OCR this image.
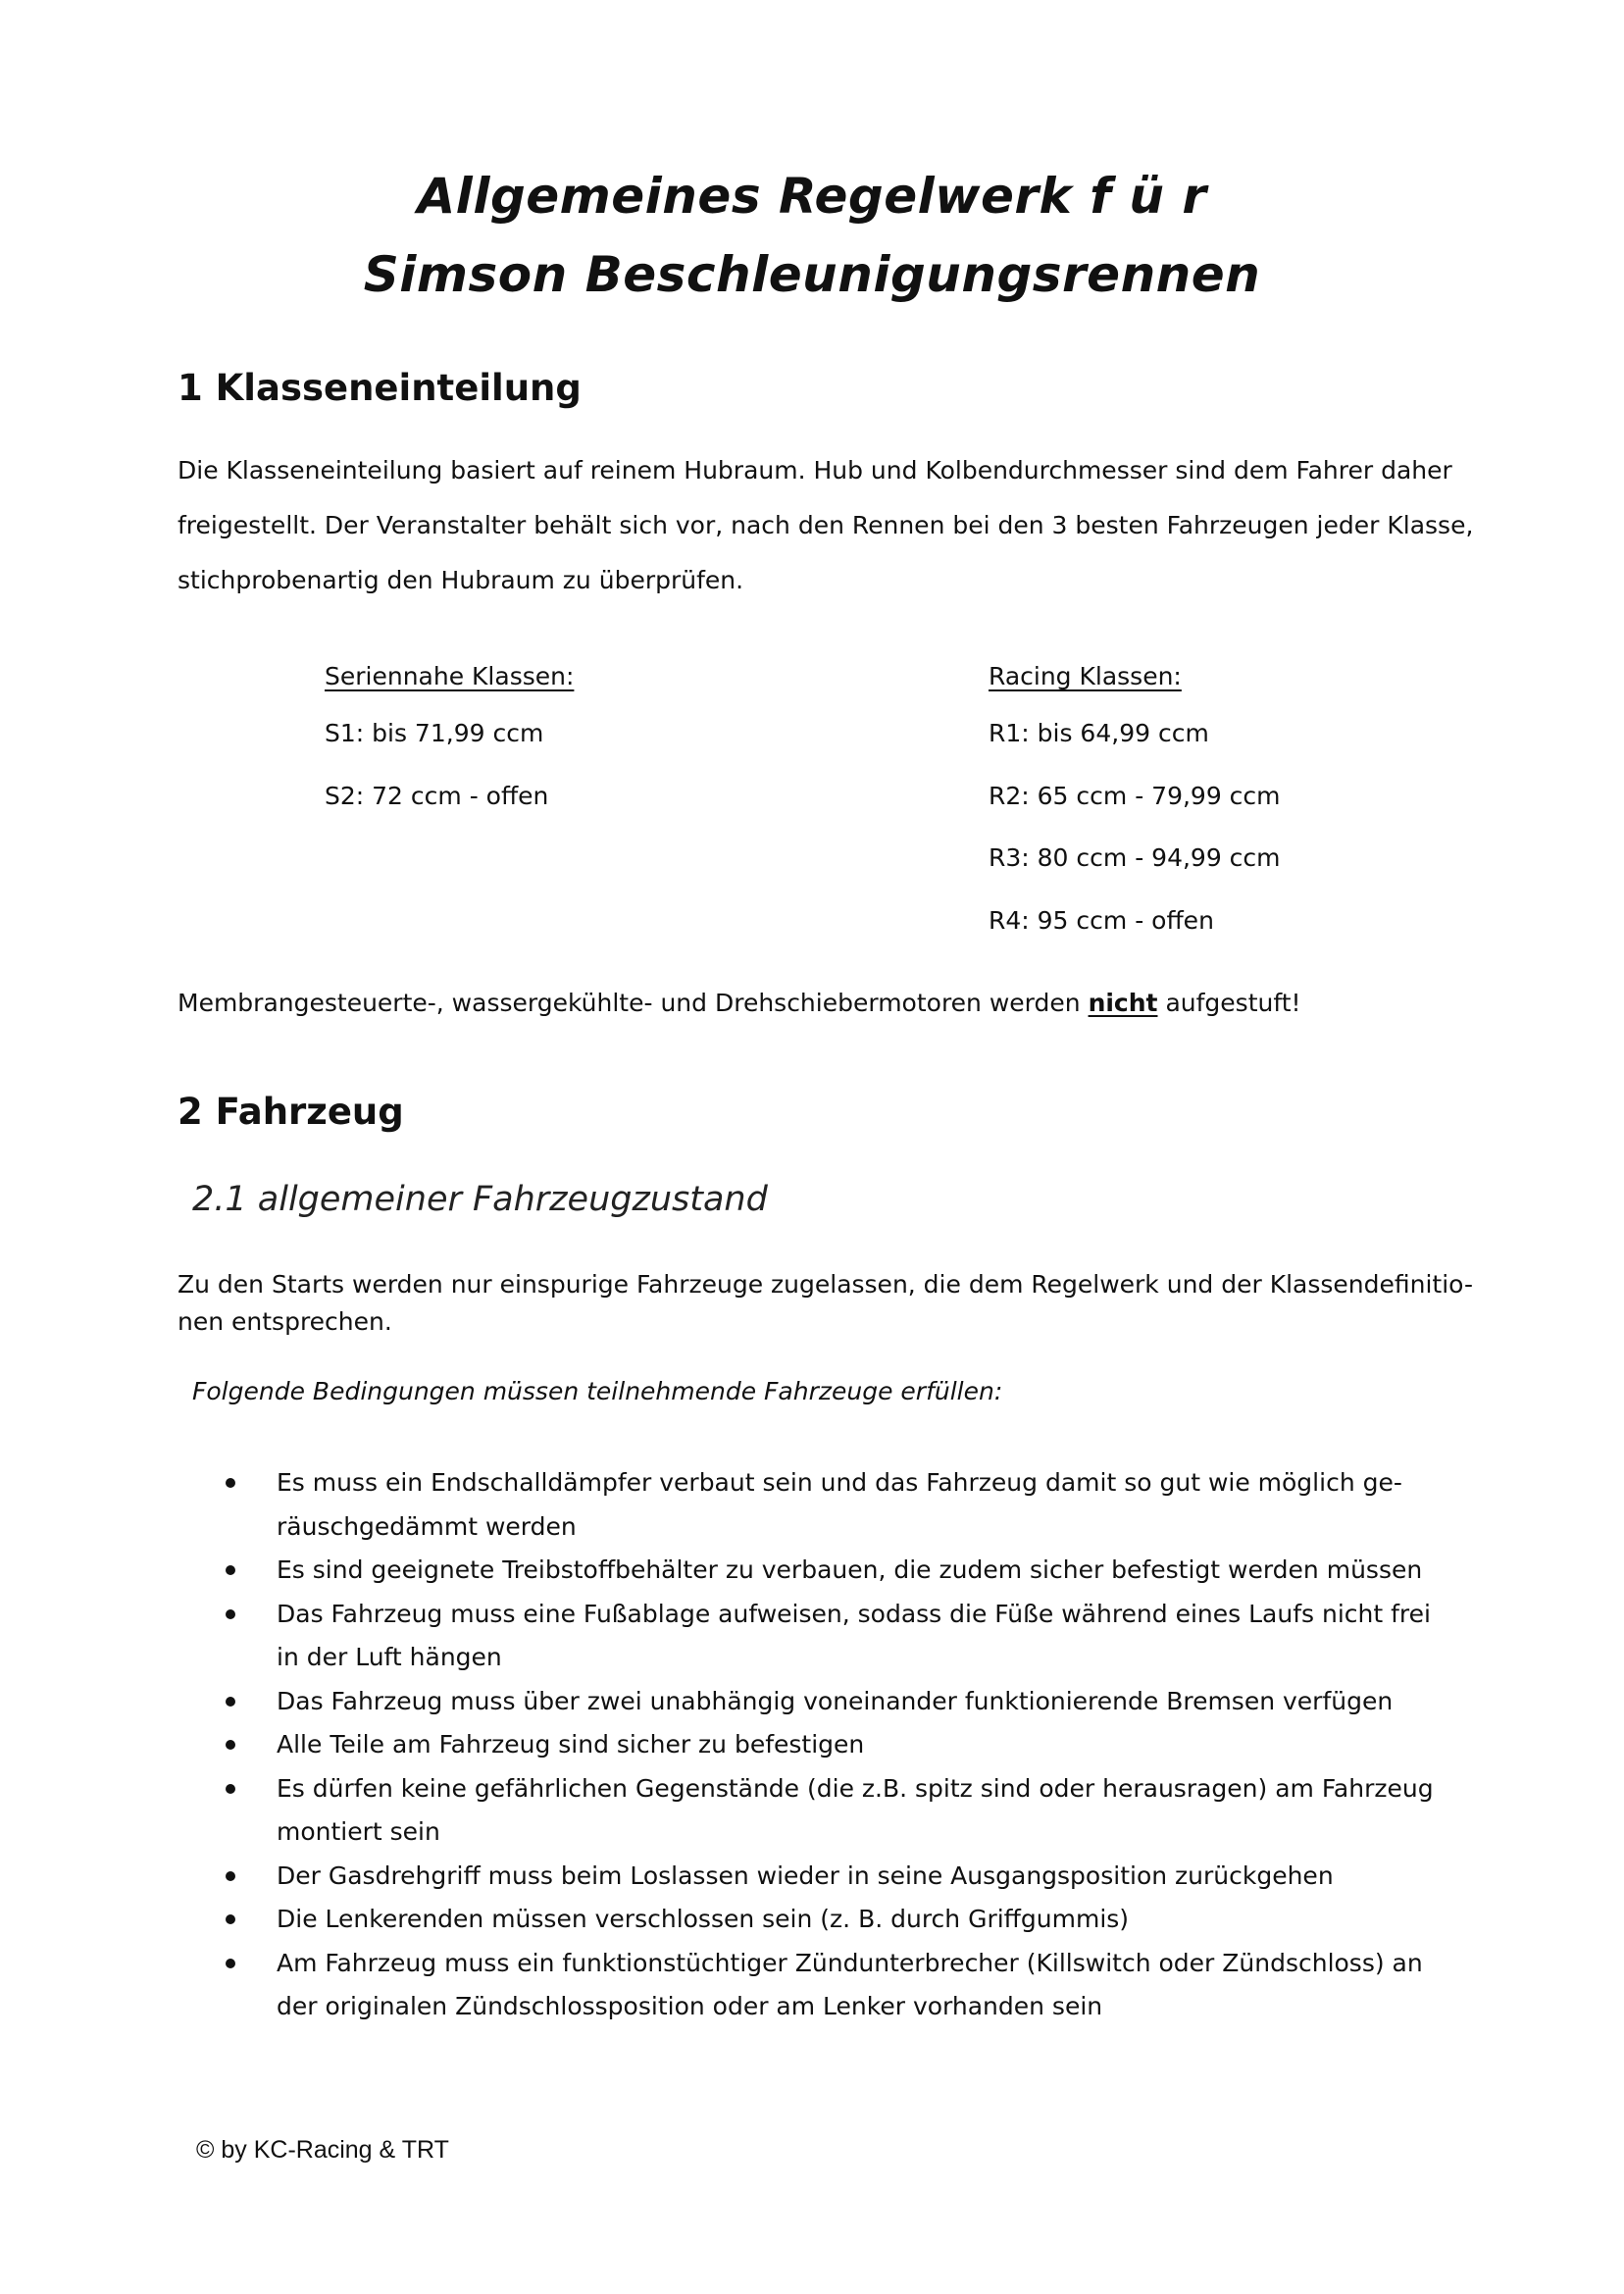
Allgemeines Regelwerk f ü r
Simson Beschleunigungsrennen
1 Klasseneinteilung

Die Klasseneinteilung basiert auf reinem Hubraum. Hub und Kolbendurchmesser sind dem Fahrer daher

freigestellt. Der Veranstalter behält sich vor, nach den Rennen bei den 3 besten Fahrzeugen jeder Klasse,

stichprobenartig den Hubraum zu überprüfen.

Seriennahe Klassen:
S1: bis 71,99 ccm
S2: 72 ccm - offen
Racing Klassen:
R1: bis 64,99 ccm
R2: 65 ccm - 79,99 ccm
R3: 80 ccm - 94,99 ccm
R4: 95 ccm - offen
Membrangesteuerte-, wassergekühlte- und Drehschiebermotoren werden nicht aufgestuft!
2 Fahrzeug
2.1 allgemeiner Fahrzeugzustand

Zu den Starts werden nur einspurige Fahrzeuge zugelassen, die dem Regelwerk und der Klassendefinitio-

nen entsprechen.

Folgende Bedingungen müssen teilnehmende Fahrzeuge erfüllen:
Es muss ein Endschalldämpfer verbaut sein und das Fahrzeug damit so gut wie möglich ge-
räuschgedämmt werden
Es sind geeignete Treibstoffbehälter zu verbauen, die zudem sicher befestigt werden müssen
Das Fahrzeug muss eine Fußablage aufweisen, sodass die Füße während eines Laufs nicht frei
in der Luft hängen
Das Fahrzeug muss über zwei unabhängig voneinander funktionierende Bremsen verfügen
Alle Teile am Fahrzeug sind sicher zu befestigen
Es dürfen keine gefährlichen Gegenstände (die z.B. spitz sind oder herausragen) am Fahrzeug
montiert sein
Der Gasdrehgriff muss beim Loslassen wieder in seine Ausgangsposition zurückgehen
Die Lenkerenden müssen verschlossen sein (z. B. durch Griffgummis)
Am Fahrzeug muss ein funktionstüchtiger Zündunterbrecher (Killswitch oder Zündschloss) an
der originalen Zündschlossposition oder am Lenker vorhanden sein
© by KC-Racing & TRT
